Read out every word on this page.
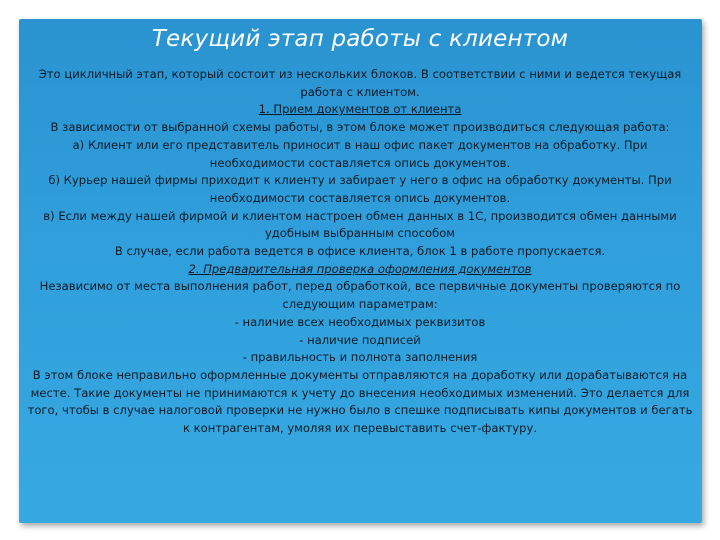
Текущий этап работы с клиентом

Это цикличный этап, который состоит из нескольких блоков. В соответствии с ними и ведется текущая работа с клиентом.

1. Прием документов от клиента

В зависимости от выбранной схемы работы, в этом блоке может производиться следующая работа:

а) Клиент или его представитель приносит в наш офис пакет документов на обработку. При необходимости составляется опись документов.

б) Курьер нашей фирмы приходит к клиенту и забирает у него в офис на обработку документы. При необходимости составляется опись документов.

в) Если между нашей фирмой и клиентом настроен обмен данных в 1С, производится обмен данными удобным выбранным способом

В случае, если работа ведется в офисе клиента, блок 1 в работе пропускается.

2. Предварительная проверка оформления документов

Независимо от места выполнения работ, перед обработкой, все первичные документы проверяются по следующим параметрам:

- наличие всех необходимых реквизитов

- наличие подписей

- правильность и полнота заполнения

В этом блоке неправильно оформленные документы отправляются на доработку или дорабатываются на месте. Такие документы не принимаются к учету до внесения необходимых изменений. Это делается для того, чтобы в случае налоговой проверки не нужно было в спешке подписывать кипы документов и бегать к контрагентам, умоляя их перевыставить счет-фактуру.
